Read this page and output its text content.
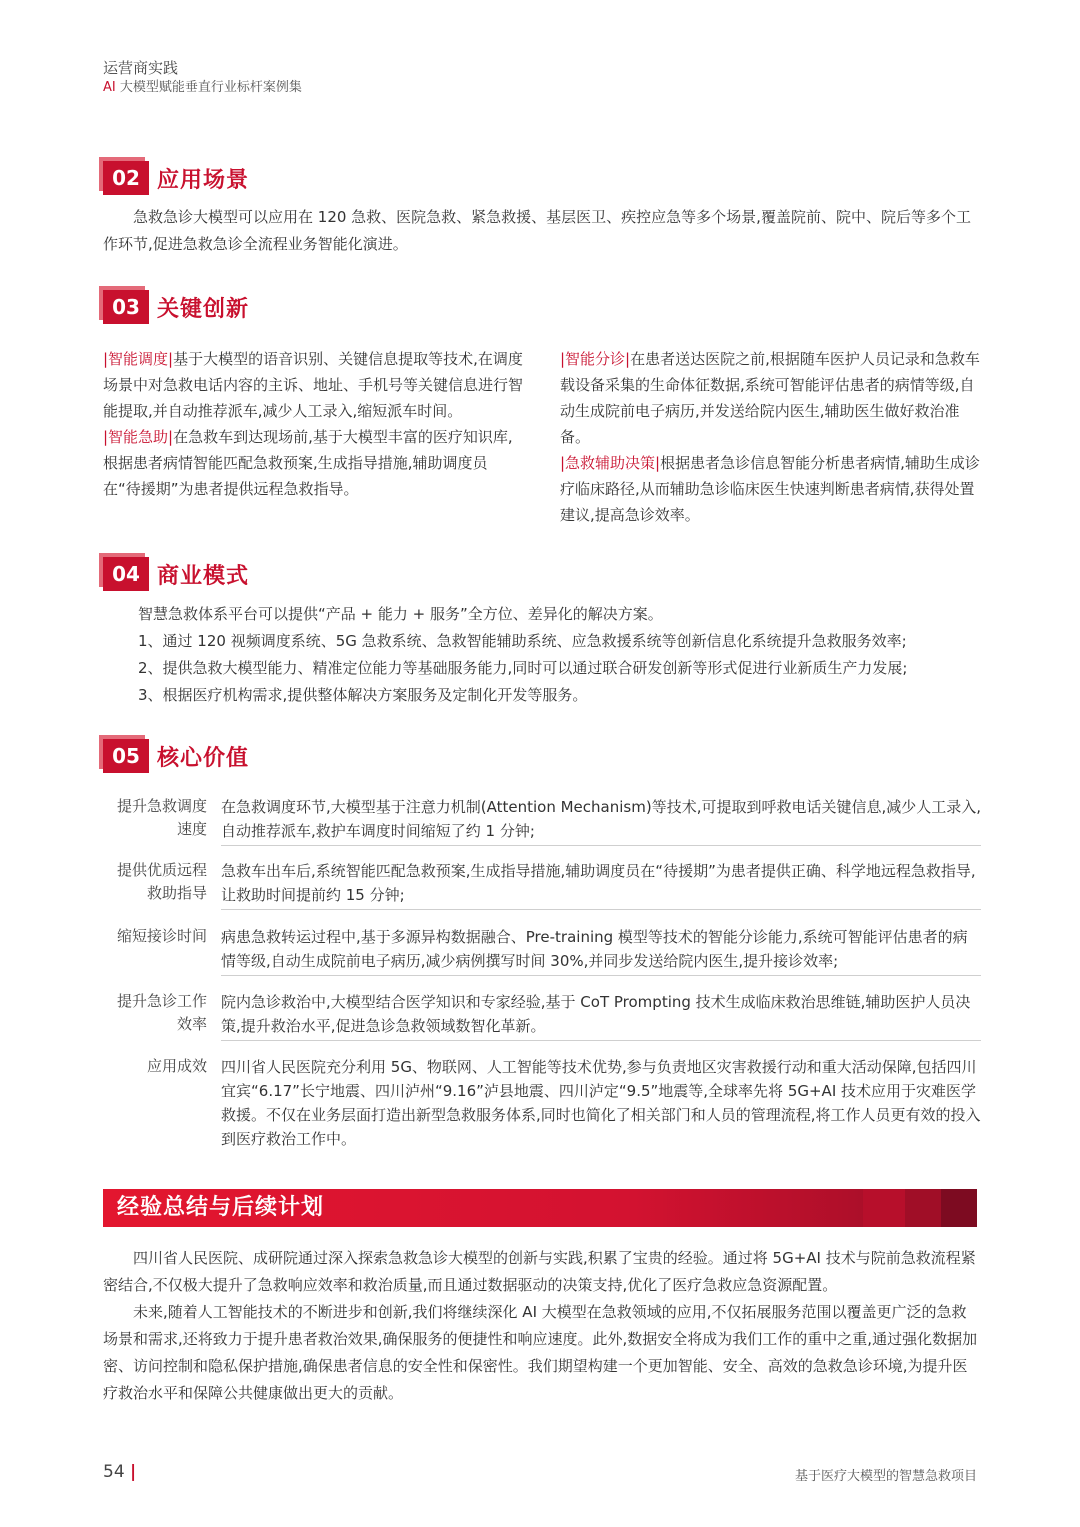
运营商实践
AI 大模型赋能垂直行业标杆案例集
02 应用场景
急救急诊大模型可以应用在 120 急救、医院急救、紧急救援、基层医卫、疾控应急等多个场景,覆盖院前、院中、院后等多个工作环节,促进急救急诊全流程业务智能化演进。
03 关键创新

|智能调度|基于大模型的语音识别、关键信息提取等技术,在调度场景中对急救电话内容的主诉、地址、手机号等关键信息进行智能提取,并自动推荐派车,减少人工录入,缩短派车时间。

|智能急助|在急救车到达现场前,基于大模型丰富的医疗知识库,根据患者病情智能匹配急救预案,生成指导措施,辅助调度员在“待援期”为患者提供远程急救指导。

|智能分诊|在患者送达医院之前,根据随车医护人员记录和急救车载设备采集的生命体征数据,系统可智能评估患者的病情等级,自动生成院前电子病历,并发送给院内医生,辅助医生做好救治准备。

|急救辅助决策|根据患者急诊信息智能分析患者病情,辅助生成诊疗临床路径,从而辅助急诊临床医生快速判断患者病情,获得处置建议,提高急诊效率。

04 商业模式

智慧急救体系平台可以提供“产品 + 能力 + 服务”全方位、差异化的解决方案。

1、通过 120 视频调度系统、5G 急救系统、急救智能辅助系统、应急救援系统等创新信息化系统提升急救服务效率;

2、提供急救大模型能力、精准定位能力等基础服务能力,同时可以通过联合研发创新等形式促进行业新质生产力发展;

3、根据医疗机构需求,提供整体解决方案服务及定制化开发等服务。

05 核心价值
提升急救调度速度
在急救调度环节,大模型基于注意力机制(Attention Mechanism)等技术,可提取到呼救电话关键信息,减少人工录入,自动推荐派车,救护车调度时间缩短了约 1 分钟;
提供优质远程救助指导
急救车出车后,系统智能匹配急救预案,生成指导措施,辅助调度员在“待援期”为患者提供正确、科学地远程急救指导,让救助时间提前约 15 分钟;
缩短接诊时间 病患急救转运过程中,基于多源异构数据融合、Pre-training 模型等技术的智能分诊能力,系统可智能评估患者的病情等级,自动生成院前电子病历,减少病例撰写时间 30%,并同步发送给院内医生,提升接诊效率;
提升急诊工作效率
院内急诊救治中,大模型结合医学知识和专家经验,基于 CoT Prompting 技术生成临床救治思维链,辅助医护人员决策,提升救治水平,促进急诊急救领域数智化革新。
应用成效 四川省人民医院充分利用 5G、物联网、人工智能等技术优势,参与负责地区灾害救援行动和重大活动保障,包括四川宜宾“6.17”长宁地震、四川泸州“9.16”泸县地震、四川泸定“9.5”地震等,全球率先将 5G+AI 技术应用于灾难医学救援。不仅在业务层面打造出新型急救服务体系,同时也简化了相关部门和人员的管理流程,将工作人员更有效的投入到医疗救治工作中。
经验总结与后续计划
四川省人民医院、成研院通过深入探索急救急诊大模型的创新与实践,积累了宝贵的经验。通过将 5G+AI 技术与院前急救流程紧密结合,不仅极大提升了急救响应效率和救治质量,而且通过数据驱动的决策支持,优化了医疗急救应急资源配置。
未来,随着人工智能技术的不断进步和创新,我们将继续深化 AI 大模型在急救领域的应用,不仅拓展服务范围以覆盖更广泛的急救场景和需求,还将致力于提升患者救治效果,确保服务的便捷性和响应速度。此外,数据安全将成为我们工作的重中之重,通过强化数据加密、访问控制和隐私保护措施,确保患者信息的安全性和保密性。我们期望构建一个更加智能、安全、高效的急救急诊环境,为提升医疗救治水平和保障公共健康做出更大的贡献。
54 |	基于医疗大模型的智慧急救项目
